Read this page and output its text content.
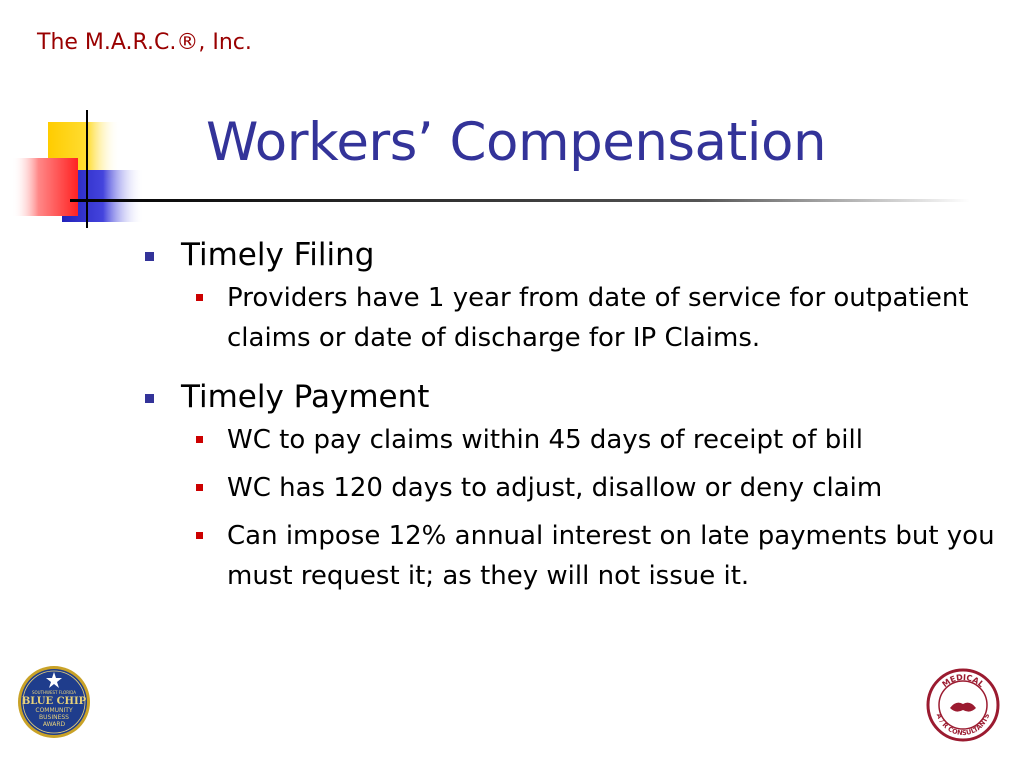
The M.A.R.C.®, Inc.
Workers’ Compensation
Timely Filing
Providers have 1 year from date of service for outpatient claims or date of discharge for IP Claims.
Timely Payment
WC to pay claims within 45 days of receipt of bill
WC has 120 days to adjust, disallow or deny claim
Can impose 12% annual interest on late payments but you must request it; as they will not issue it.
SOUTHWEST FLORIDA
BLUE CHIP
COMMUNITY
BUSINESS
AWARD
MEDICAL
A / R CONSULTANTS
